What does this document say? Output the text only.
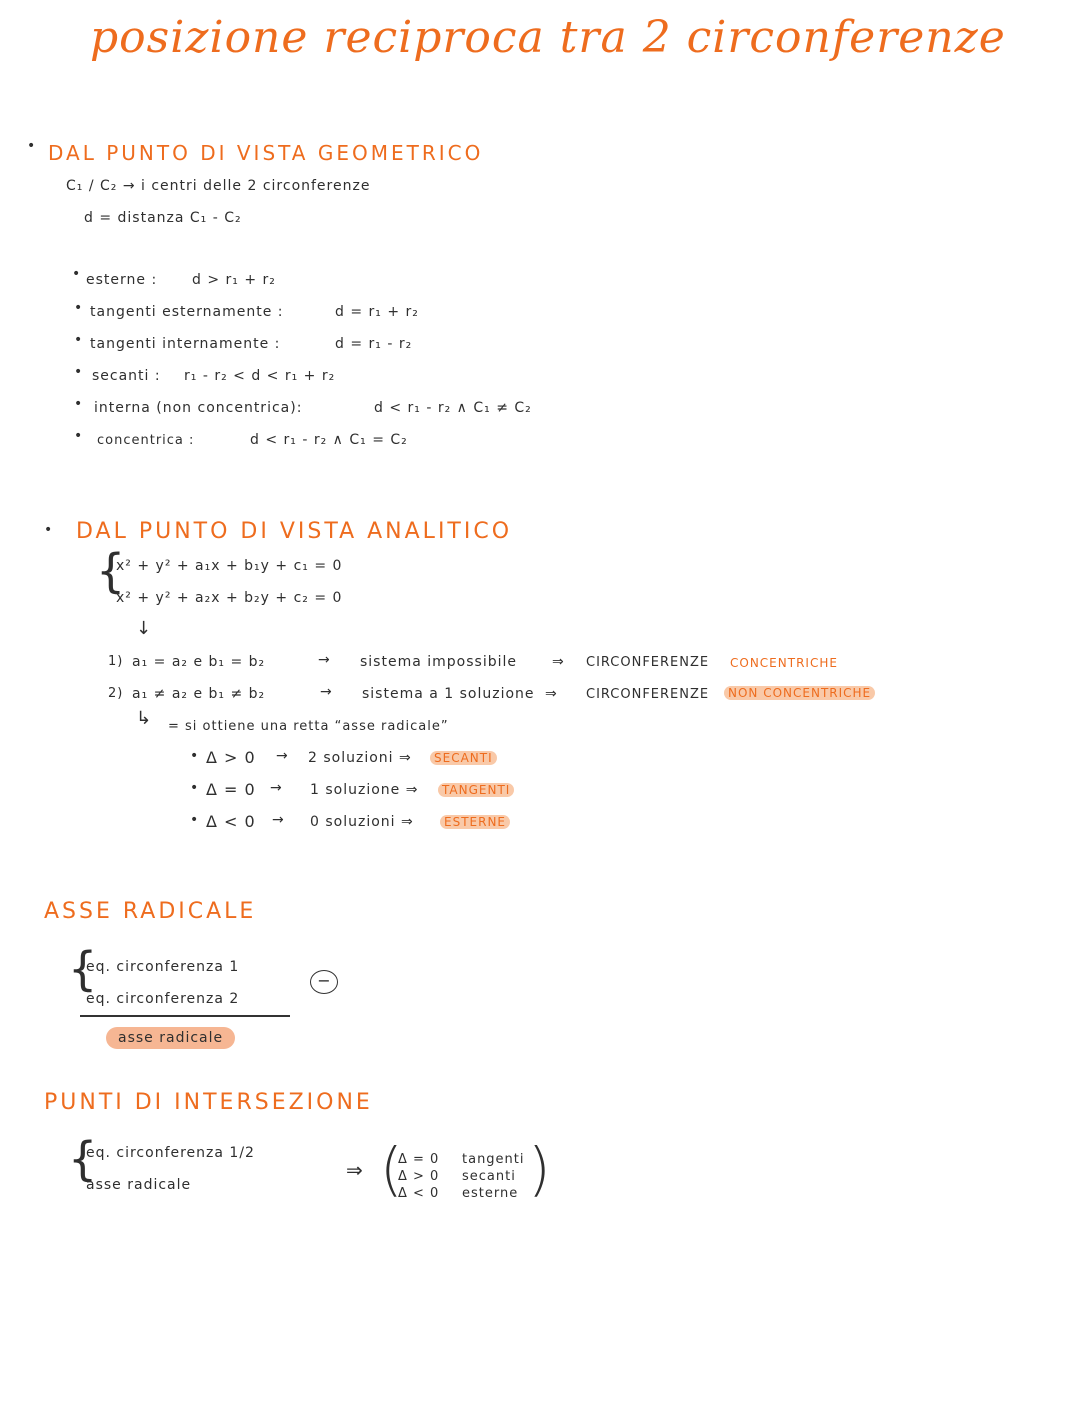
posizione reciproca tra 2 circonferenze
• DAL PUNTO DI VISTA GEOMETRICO
C₁ / C₂ → i centri delle 2 circonferenze
d = distanza C₁ - C₂
• esterne : d > r₁ + r₂
• tangenti esternamente :	d = r₁ + r₂
• tangenti internamente :	d = r₁ - r₂
• secanti : r₁ - r₂ < d < r₁ + r₂
• interna (non concentrica):	d < r₁ - r₂ ∧ C₁ ≠ C₂
• concentrica :	d < r₁ - r₂ ∧ C₁ = C₂
• DAL PUNTO DI VISTA ANALITICO
{
x² + y² + a₁x + b₁y + c₁ = 0
x² + y² + a₂x + b₂y + c₂ = 0
↓
1) a₁ = a₂ e b₁ = b₂	→ sistema impossibile	⇒ CIRCONFERENZE CONCENTRICHE
2) a₁ ≠ a₂ e b₁ ≠ b₂	→ sistema a 1 soluzione ⇒ CIRCONFERENZE	NON CONCENTRICHE
↳ = si ottiene una retta “asse radicale”
• Δ > 0 → 2 soluzioni ⇒	SECANTI
• Δ = 0 → 1 soluzione ⇒	TANGENTI
• Δ < 0 → 0 soluzioni ⇒	ESTERNE
ASSE RADICALE
{
eq. circonferenza 1
eq. circonferenza 2
−
asse radicale
PUNTI DI INTERSEZIONE
{
eq. circonferenza 1/2
asse radicale
⇒ (
Δ = 0 tangenti
Δ > 0 secanti
Δ < 0 esterne )
